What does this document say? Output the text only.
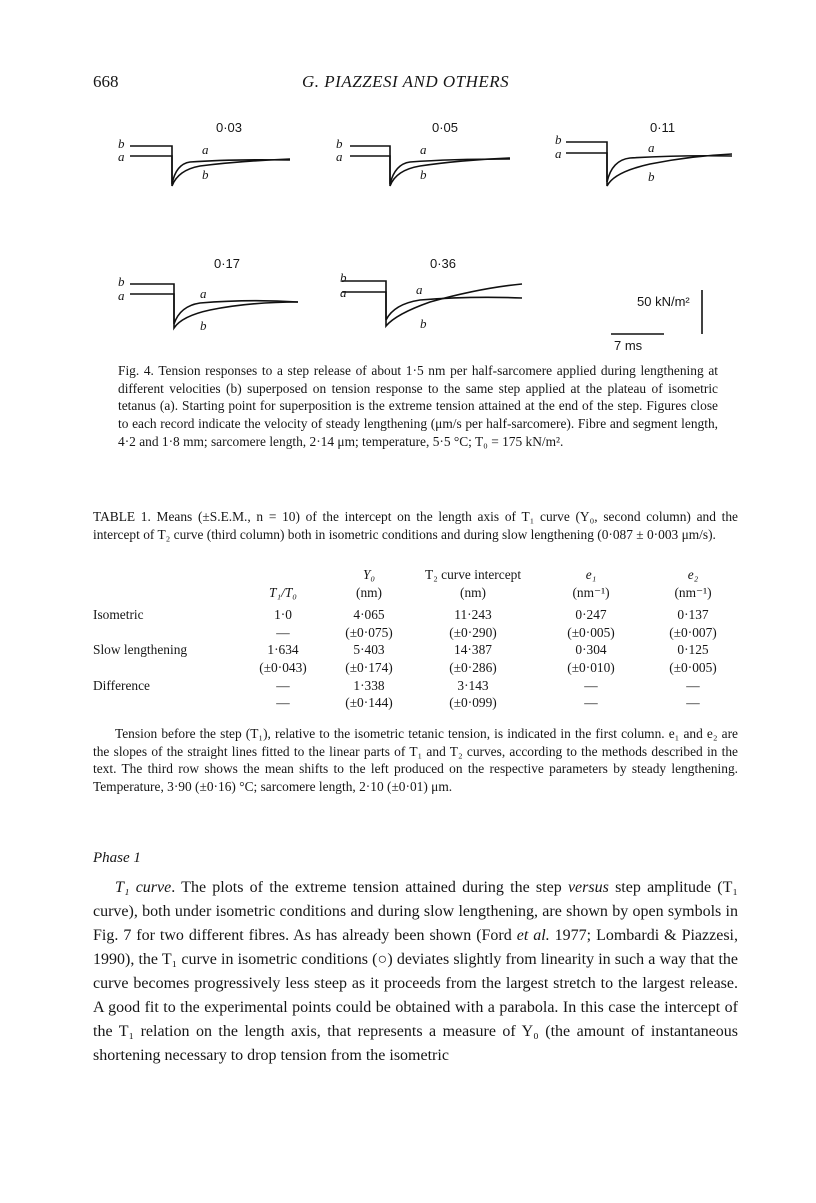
668	G. PIAZZESI AND OTHERS
0·03
b
a	a
b
0·05
b
a	a
b
0·11
b
a	a
b
0·17
b
a	a
b
0·36
b
a	a
b
50 kN/m²
7 ms
Fig. 4. Tension responses to a step release of about 1·5 nm per half-sarcomere applied during lengthening at different velocities (b) superposed on tension response to the same step applied at the plateau of isometric tetanus (a). Starting point for superposition is the extreme tension attained at the end of the step. Figures close to each record indicate the velocity of steady lengthening (μm/s per half-sarcomere). Fibre and segment length, 4·2 and 1·8 mm; sarcomere length, 2·14 μm; temperature, 5·5 °C; T₀ = 175 kN/m².
TABLE 1. Means (±S.E.M., n = 10) of the intercept on the length axis of T₁ curve (Y₀, second column) and the intercept of T₂ curve (third column) both in isometric conditions and during slow lengthening (0·087 ± 0·003 μm/s).
		Y₀	T₂ curve intercept	e₁	e₂
	T₁/T₀	(nm)	(nm)	(nm⁻¹)	(nm⁻¹)

Isometric	1·0	4·065	11·243	0·247	0·137
	—	(±0·075)	(±0·290)	(±0·005)	(±0·007)
Slow lengthening	1·634	5·403	14·387	0·304	0·125
	(±0·043)	(±0·174)	(±0·286)	(±0·010)	(±0·005)
Difference	—	1·338	3·143	—	—
	—	(±0·144)	(±0·099)	—	—
Tension before the step (T₁), relative to the isometric tetanic tension, is indicated in the first column. e₁ and e₂ are the slopes of the straight lines fitted to the linear parts of T₁ and T₂ curves, according to the methods described in the text. The third row shows the mean shifts to the left produced on the respective parameters by steady lengthening. Temperature, 3·90 (±0·16) °C; sarcomere length, 2·10 (±0·01) μm.
Phase 1
T₁ curve. The plots of the extreme tension attained during the step versus step amplitude (T₁ curve), both under isometric conditions and during slow lengthening, are shown by open symbols in Fig. 7 for two different fibres. As has already been shown (Ford et al. 1977; Lombardi & Piazzesi, 1990), the T₁ curve in isometric conditions (○) deviates slightly from linearity in such a way that the curve becomes progressively less steep as it proceeds from the largest stretch to the largest release. A good fit to the experimental points could be obtained with a parabola. In this case the intercept of the T₁ relation on the length axis, that represents a measure of Y₀ (the amount of instantaneous shortening necessary to drop tension from the isometric
